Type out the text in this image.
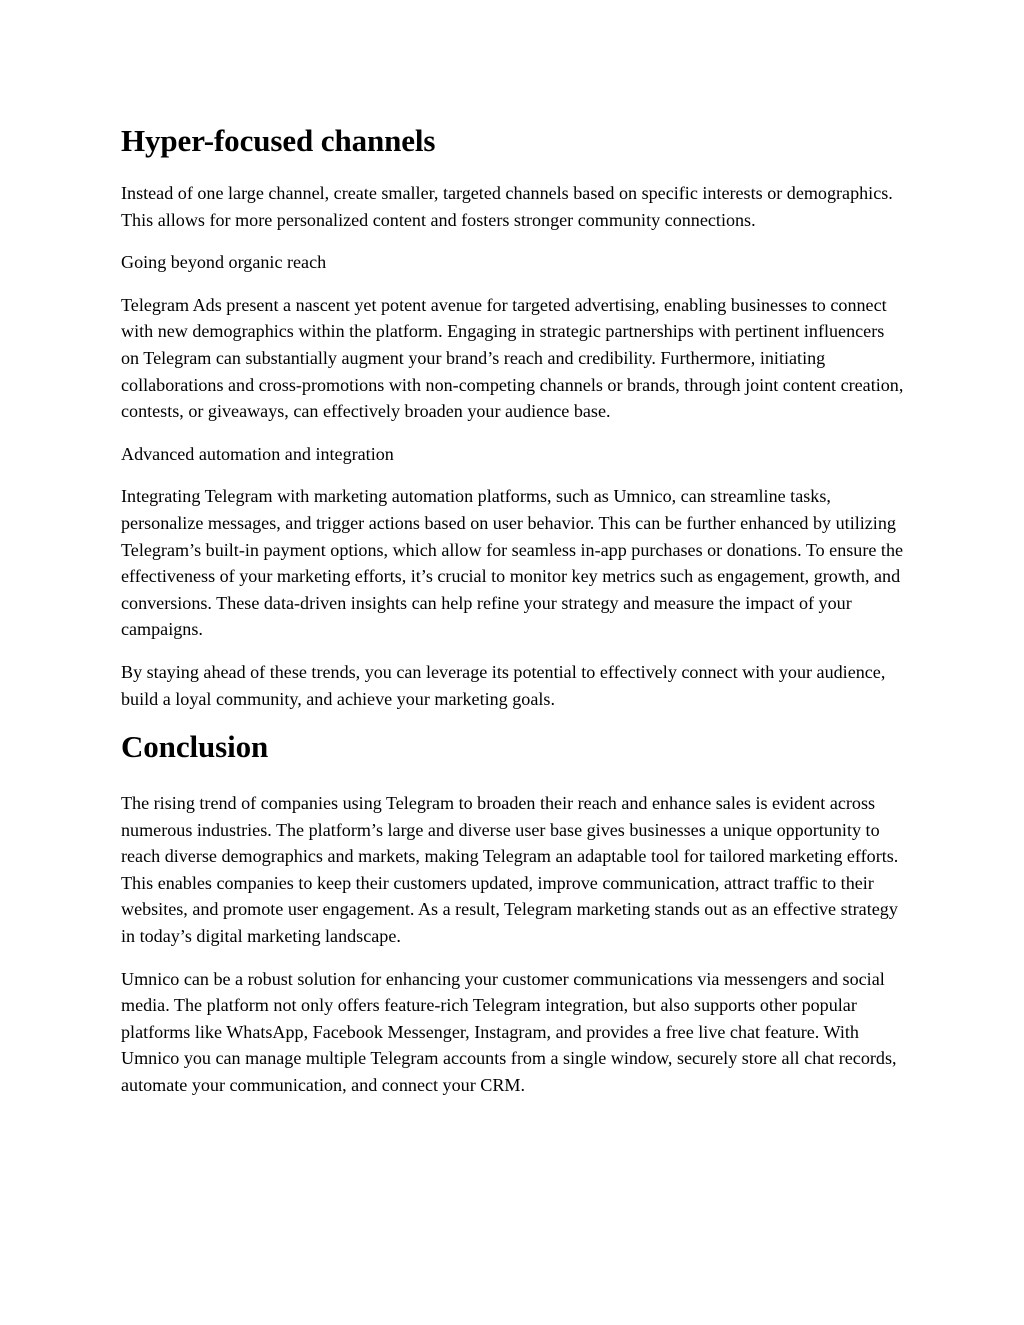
Hyper-focused channels

Instead of one large channel, create smaller, targeted channels based on specific interests or demographics. This allows for more personalized content and fosters stronger community connections.

Going beyond organic reach

Telegram Ads present a nascent yet potent avenue for targeted advertising, enabling businesses to connect with new demographics within the platform. Engaging in strategic partnerships with pertinent influencers on Telegram can substantially augment your brand’s reach and credibility. Furthermore, initiating collaborations and cross-promotions with non-competing channels or brands, through joint content creation, contests, or giveaways, can effectively broaden your audience base.

Advanced automation and integration

Integrating Telegram with marketing automation platforms, such as Umnico, can streamline tasks, personalize messages, and trigger actions based on user behavior. This can be further enhanced by utilizing Telegram’s built-in payment options, which allow for seamless in-app purchases or donations. To ensure the effectiveness of your marketing efforts, it’s crucial to monitor key metrics such as engagement, growth, and conversions. These data-driven insights can help refine your strategy and measure the impact of your campaigns.

By staying ahead of these trends, you can leverage its potential to effectively connect with your audience, build a loyal community, and achieve your marketing goals.

Conclusion

The rising trend of companies using Telegram to broaden their reach and enhance sales is evident across numerous industries. The platform’s large and diverse user base gives businesses a unique opportunity to reach diverse demographics and markets, making Telegram an adaptable tool for tailored marketing efforts. This enables companies to keep their customers updated, improve communication, attract traffic to their websites, and promote user engagement. As a result, Telegram marketing stands out as an effective strategy in today’s digital marketing landscape.

Umnico can be a robust solution for enhancing your customer communications via messengers and social media. The platform not only offers feature-rich Telegram integration, but also supports other popular platforms like WhatsApp, Facebook Messenger, Instagram, and provides a free live chat feature. With Umnico you can manage multiple Telegram accounts from a single window, securely store all chat records, automate your communication, and connect your CRM.
